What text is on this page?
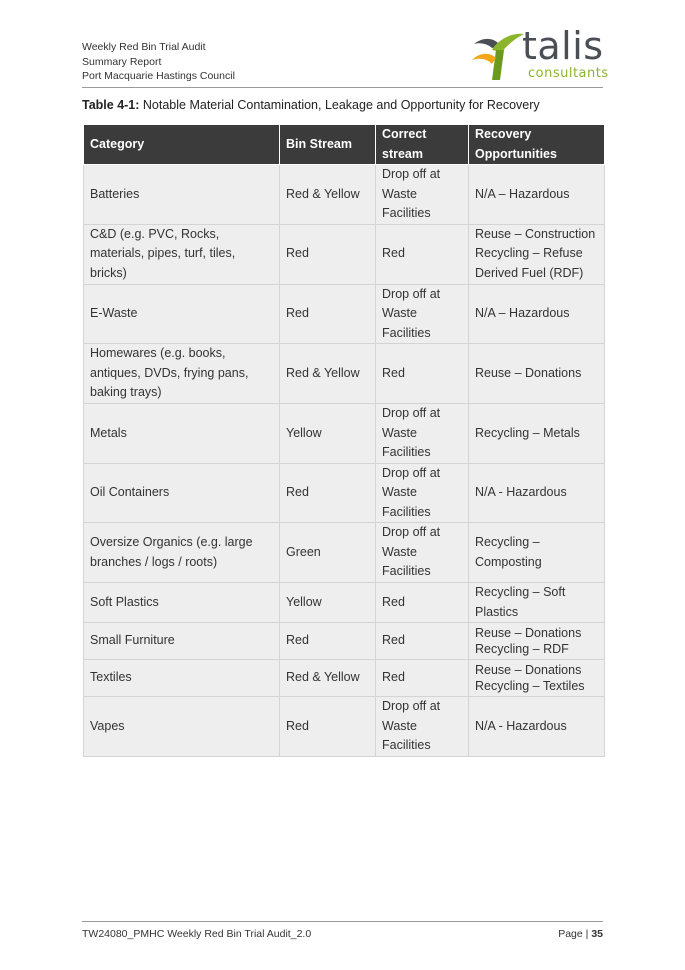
Weekly Red Bin Trial Audit
Summary Report
Port Macquarie Hastings Council
talis
consultants
Table 4-1: Notable Material Contamination, Leakage and Opportunity for Recovery
Category	Bin Stream	Correct stream	Recovery Opportunities
Batteries	Red & Yellow	Drop off at Waste Facilities	N/A – Hazardous
C&D (e.g. PVC, Rocks, materials, pipes, turf, tiles, bricks)	Red	Red	Reuse – Construction Recycling – Refuse Derived Fuel (RDF)
E-Waste	Red	Drop off at Waste Facilities	N/A – Hazardous
Homewares (e.g. books, antiques, DVDs, frying pans, baking trays)	Red & Yellow	Red	Reuse – Donations
Metals	Yellow	Drop off at Waste Facilities	Recycling – Metals
Oil Containers	Red	Drop off at Waste Facilities	N/A - Hazardous
Oversize Organics (e.g. large branches / logs / roots)	Green	Drop off at Waste Facilities	Recycling – Composting
Soft Plastics	Yellow	Red	Recycling – Soft Plastics
Small Furniture	Red	Red	Reuse – Donations Recycling – RDF
Textiles	Red & Yellow	Red	Reuse – Donations Recycling – Textiles
Vapes	Red	Drop off at Waste Facilities	N/A - Hazardous
TW24080_PMHC Weekly Red Bin Trial Audit_2.0	Page | 35
